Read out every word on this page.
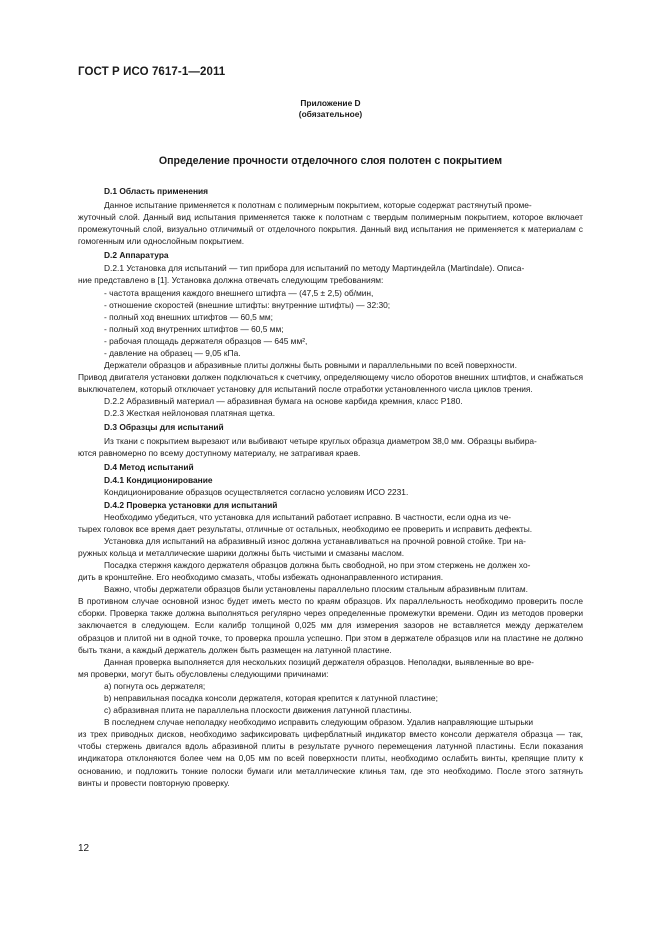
ГОСТ Р ИСО 7617-1—2011
Приложение D
(обязательное)
Определение прочности отделочного слоя полотен с покрытием

D.1 Область применения

Данное испытание применяется к полотнам с полимерным покрытием, которые содержат растянутый проме-

жуточный слой. Данный вид испытания применяется также к полотнам с твердым полимерным покрытием, которое включает промежуточный слой, визуально отличимый от отделочного покрытия. Данный вид испытания не применяется к материалам с гомогенным или однослойным покрытием.

D.2 Аппаратура

D.2.1 Установка для испытаний — тип прибора для испытаний по методу Мартиндейла (Martindale). Описа-

ние представлено в [1]. Установка должна отвечать следующим требованиям:

- частота вращения каждого внешнего штифта — (47,5 ± 2,5) об/мин,

- отношение скоростей (внешние штифты: внутренние штифты) — 32:30;

- полный ход внешних штифтов — 60,5 мм;

- полный ход внутренних штифтов — 60,5 мм;

- рабочая площадь держателя образцов — 645 мм²,

- давление на образец — 9,05 кПа.

Держатели образцов и абразивные плиты должны быть ровными и параллельными по всей поверхности.

Привод двигателя установки должен подключаться к счетчику, определяющему число оборотов внешних штифтов, и снабжаться выключателем, который отключает установку для испытаний после отработки установленного числа циклов трения.

D.2.2 Абразивный материал — абразивная бумага на основе карбида кремния, класс Р180.

D.2.3 Жесткая нейлоновая платяная щетка.

D.3 Образцы для испытаний

Из ткани с покрытием вырезают или выбивают четыре круглых образца диаметром 38,0 мм. Образцы выбира-

ются равномерно по всему доступному материалу, не затрагивая краев.

D.4 Метод испытаний

D.4.1 Кондиционирование

Кондиционирование образцов осуществляется согласно условиям ИСО 2231.

D.4.2 Проверка установки для испытаний

Необходимо убедиться, что установка для испытаний работает исправно. В частности, если одна из че-

тырех головок все время дает результаты, отличные от остальных, необходимо ее проверить и исправить дефекты.

Установка для испытаний на абразивный износ должна устанавливаться на прочной ровной стойке. Три на-

ружных кольца и металлические шарики должны быть чистыми и смазаны маслом.

Посадка стержня каждого держателя образцов должна быть свободной, но при этом стержень не должен хо-

дить в кронштейне. Его необходимо смазать, чтобы избежать однонаправленного истирания.

Важно, чтобы держатели образцов были установлены параллельно плоским стальным абразивным плитам.

В противном случае основной износ будет иметь место по краям образцов. Их параллельность необходимо проверить после сборки. Проверка также должна выполняться регулярно через определенные промежутки времени. Один из методов проверки заключается в следующем. Если калибр толщиной 0,025 мм для измерения зазоров не вставляется между держателем образцов и плитой ни в одной точке, то проверка прошла успешно. При этом в держателе образцов или на пластине не должно быть ткани, а каждый держатель должен быть размещен на латунной пластине.

Данная проверка выполняется для нескольких позиций держателя образцов. Неполадки, выявленные во вре-

мя проверки, могут быть обусловлены следующими причинами:

a) погнута ось держателя;

b) неправильная посадка консоли держателя, которая крепится к латунной пластине;

c) абразивная плита не параллельна плоскости движения латунной пластины.

В последнем случае неполадку необходимо исправить следующим образом. Удалив направляющие штырьки

из трех приводных дисков, необходимо зафиксировать циферблатный индикатор вместо консоли держателя образца — так, чтобы стержень двигался вдоль абразивной плиты в результате ручного перемещения латунной пластины. Если показания индикатора отклоняются более чем на 0,05 мм по всей поверхности плиты, необходимо ослабить винты, крепящие плиту к основанию, и подложить тонкие полоски бумаги или металлические клинья там, где это необходимо. После этого затянуть винты и провести повторную проверку.

12
